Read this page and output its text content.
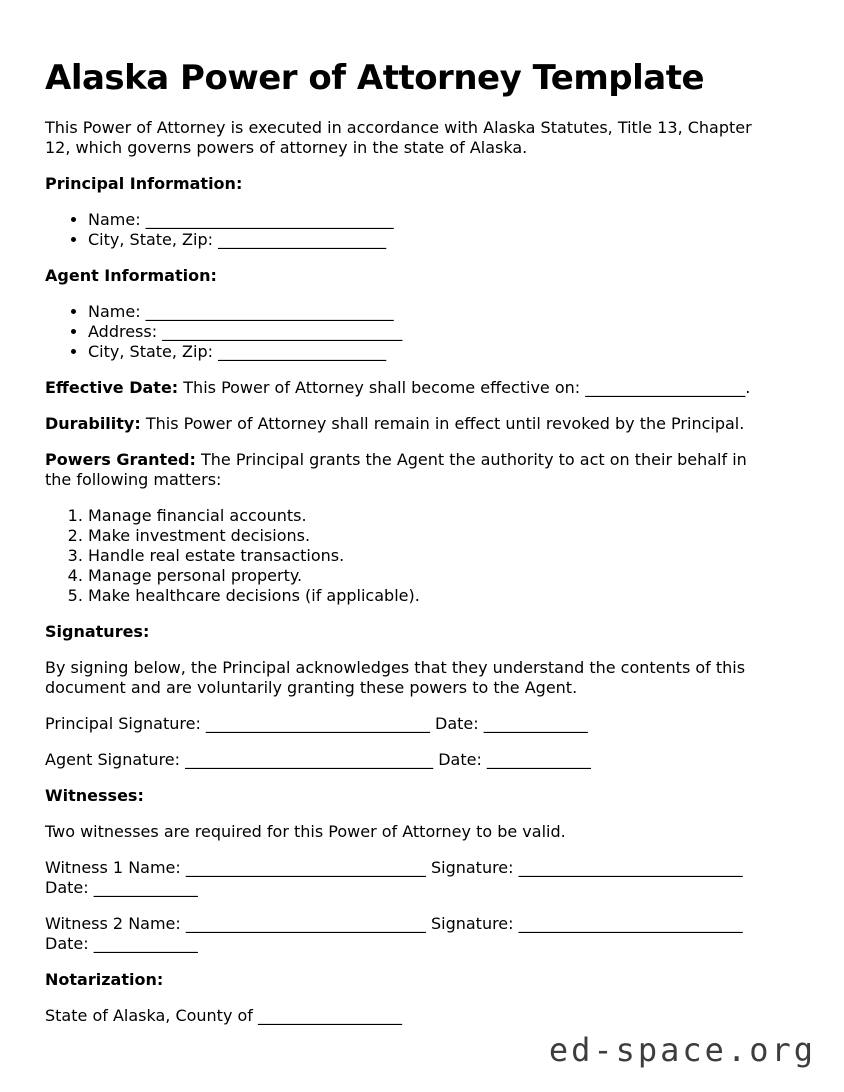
Alaska Power of Attorney Template

This Power of Attorney is executed in accordance with Alaska Statutes, Title 13, Chapter
12, which governs powers of attorney in the state of Alaska.

Principal Information:

• Name: _______________________________
• City, State, Zip: _____________________

Agent Information:

• Name: _______________________________
• Address: ______________________________
• City, State, Zip: _____________________

Effective Date: This Power of Attorney shall become effective on: ____________________.

Durability: This Power of Attorney shall remain in effect until revoked by the Principal.

Powers Granted: The Principal grants the Agent the authority to act on their behalf in
the following matters:

1. Manage financial accounts.
2. Make investment decisions.
3. Handle real estate transactions.
4. Manage personal property.
5. Make healthcare decisions (if applicable).

Signatures:

By signing below, the Principal acknowledges that they understand the contents of this
document and are voluntarily granting these powers to the Agent.

Principal Signature: ____________________________ Date: _____________

Agent Signature: _______________________________ Date: _____________

Witnesses:

Two witnesses are required for this Power of Attorney to be valid.

Witness 1 Name: ______________________________ Signature: ____________________________
Date: _____________

Witness 2 Name: ______________________________ Signature: ____________________________
Date: _____________

Notarization:

State of Alaska, County of __________________

ed-space.org
